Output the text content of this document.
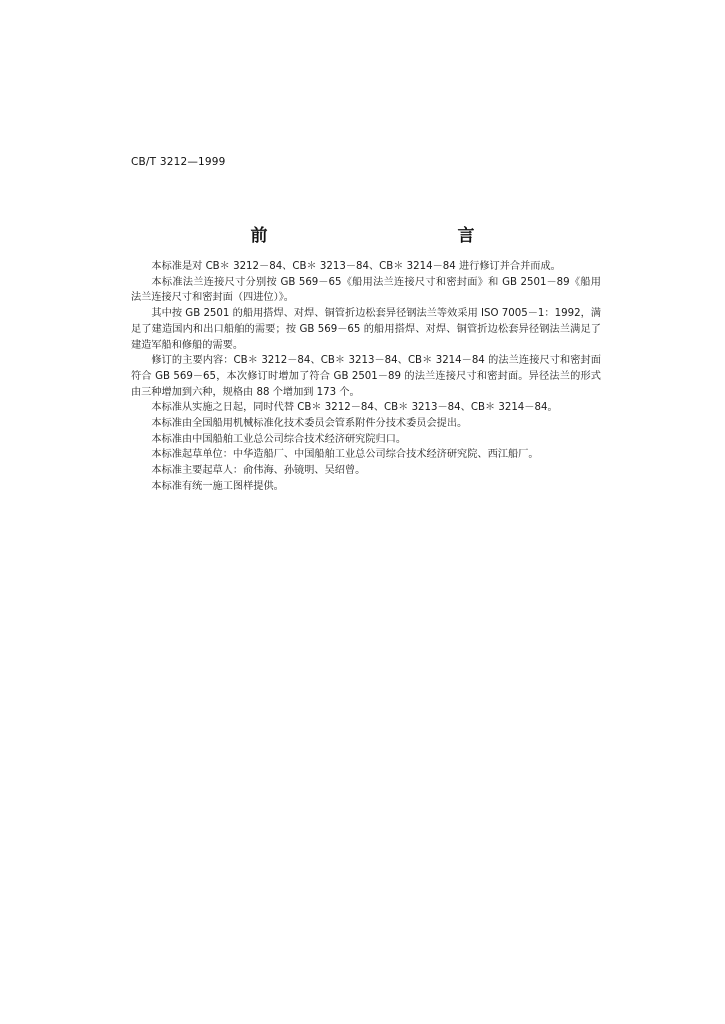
CB/T 3212—1999
前　　言

本标准是对 CB＊ 3212－84、CB＊ 3213－84、CB＊ 3214－84 进行修订并合并而成。

本标准法兰连接尺寸分别按 GB 569－65《船用法兰连接尺寸和密封面》和 GB 2501－89《船用法兰连接尺寸和密封面（四进位）》。

其中按 GB 2501 的船用搭焊、对焊、铜管折边松套异径钢法兰等效采用 ISO 7005－1：1992，满足了建造国内和出口船舶的需要；按 GB 569－65 的船用搭焊、对焊、铜管折边松套异径钢法兰满足了建造军船和修船的需要。

修订的主要内容：CB＊ 3212－84、CB＊ 3213－84、CB＊ 3214－84 的法兰连接尺寸和密封面符合 GB 569－65，本次修订时增加了符合 GB 2501－89 的法兰连接尺寸和密封面。异径法兰的形式由三种增加到六种，规格由 88 个增加到 173 个。

本标准从实施之日起，同时代替 CB＊ 3212－84、CB＊ 3213－84、CB＊ 3214－84。

本标准由全国船用机械标准化技术委员会管系附件分技术委员会提出。

本标准由中国船舶工业总公司综合技术经济研究院归口。

本标准起草单位：中华造船厂、中国船舶工业总公司综合技术经济研究院、西江船厂。

本标准主要起草人：俞伟海、孙镜明、吴绍曾。

本标准有统一施工图样提供。
